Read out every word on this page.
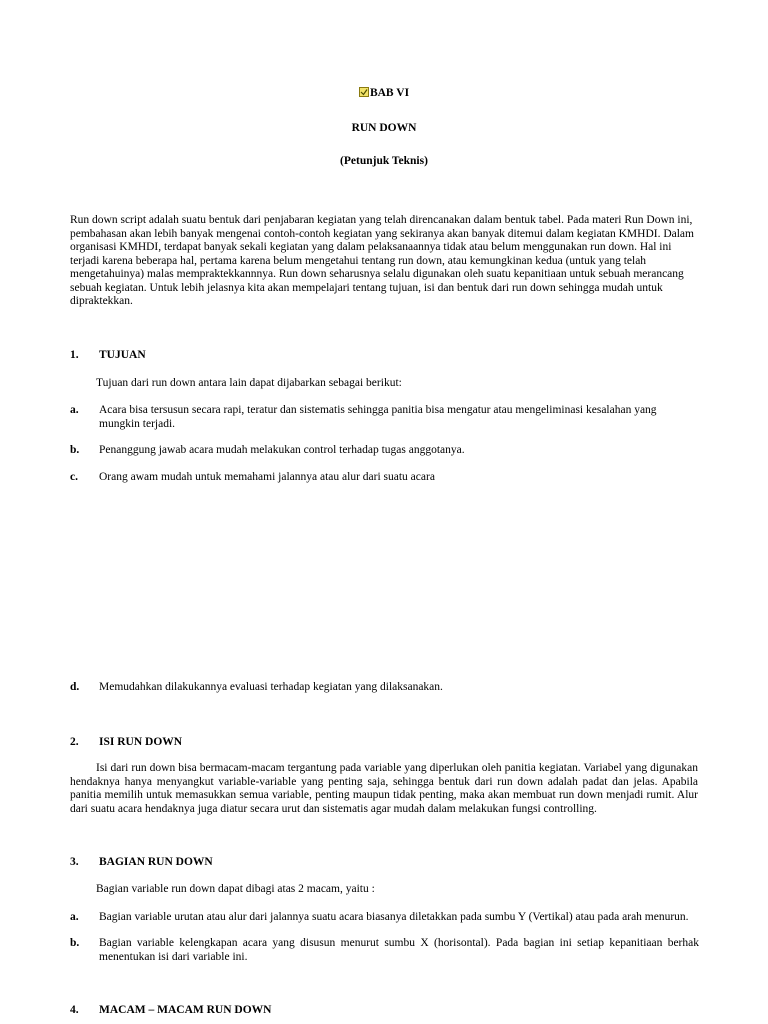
BAB VI
RUN DOWN
(Petunjuk Teknis)
Run down script adalah suatu bentuk dari penjabaran kegiatan yang telah direncanakan dalam bentuk tabel. Pada materi Run Down ini, pembahasan akan lebih banyak mengenai contoh-contoh kegiatan yang sekiranya akan banyak ditemui dalam kegiatan KMHDI. Dalam organisasi KMHDI, terdapat banyak sekali kegiatan yang dalam pelaksanaannya tidak atau belum menggunakan run down. Hal ini terjadi karena beberapa hal, pertama karena belum mengetahui tentang run down, atau kemungkinan kedua (untuk yang telah mengetahuinya) malas mempraktekkannnya. Run down seharusnya selalu digunakan oleh suatu kepanitiaan untuk sebuah merancang sebuah kegiatan. Untuk lebih jelasnya kita akan mempelajari tentang tujuan, isi dan bentuk dari run down sehingga mudah untuk dipraktekkan.
1. TUJUAN
Tujuan dari run down antara lain dapat dijabarkan sebagai berikut:
a. Acara bisa tersusun secara rapi, teratur dan sistematis sehingga panitia bisa mengatur atau mengeliminasi kesalahan yang mungkin terjadi.
b. Penanggung jawab acara mudah melakukan control terhadap tugas anggotanya.
c. Orang awam mudah untuk memahami jalannya atau alur dari suatu acara
d. Memudahkan dilakukannya evaluasi terhadap kegiatan yang dilaksanakan.
2. ISI RUN DOWN
Isi dari run down bisa bermacam-macam tergantung pada variable yang diperlukan oleh panitia kegiatan. Variabel yang digunakan hendaknya hanya menyangkut variable-variable yang penting saja, sehingga bentuk dari run down adalah padat dan jelas. Apabila panitia memilih untuk memasukkan semua variable, penting maupun tidak penting, maka akan membuat run down menjadi rumit. Alur dari suatu acara hendaknya juga diatur secara urut dan sistematis agar mudah dalam melakukan fungsi controlling.
3. BAGIAN RUN DOWN
Bagian variable run down dapat dibagi atas 2 macam, yaitu :
a. Bagian variable urutan atau alur dari jalannya suatu acara biasanya diletakkan pada sumbu Y (Vertikal) atau pada arah menurun.
b. Bagian variable kelengkapan acara yang disusun menurut sumbu X (horisontal). Pada bagian ini setiap kepanitiaan berhak menentukan isi dari variable ini.
4. MACAM – MACAM RUN DOWN
